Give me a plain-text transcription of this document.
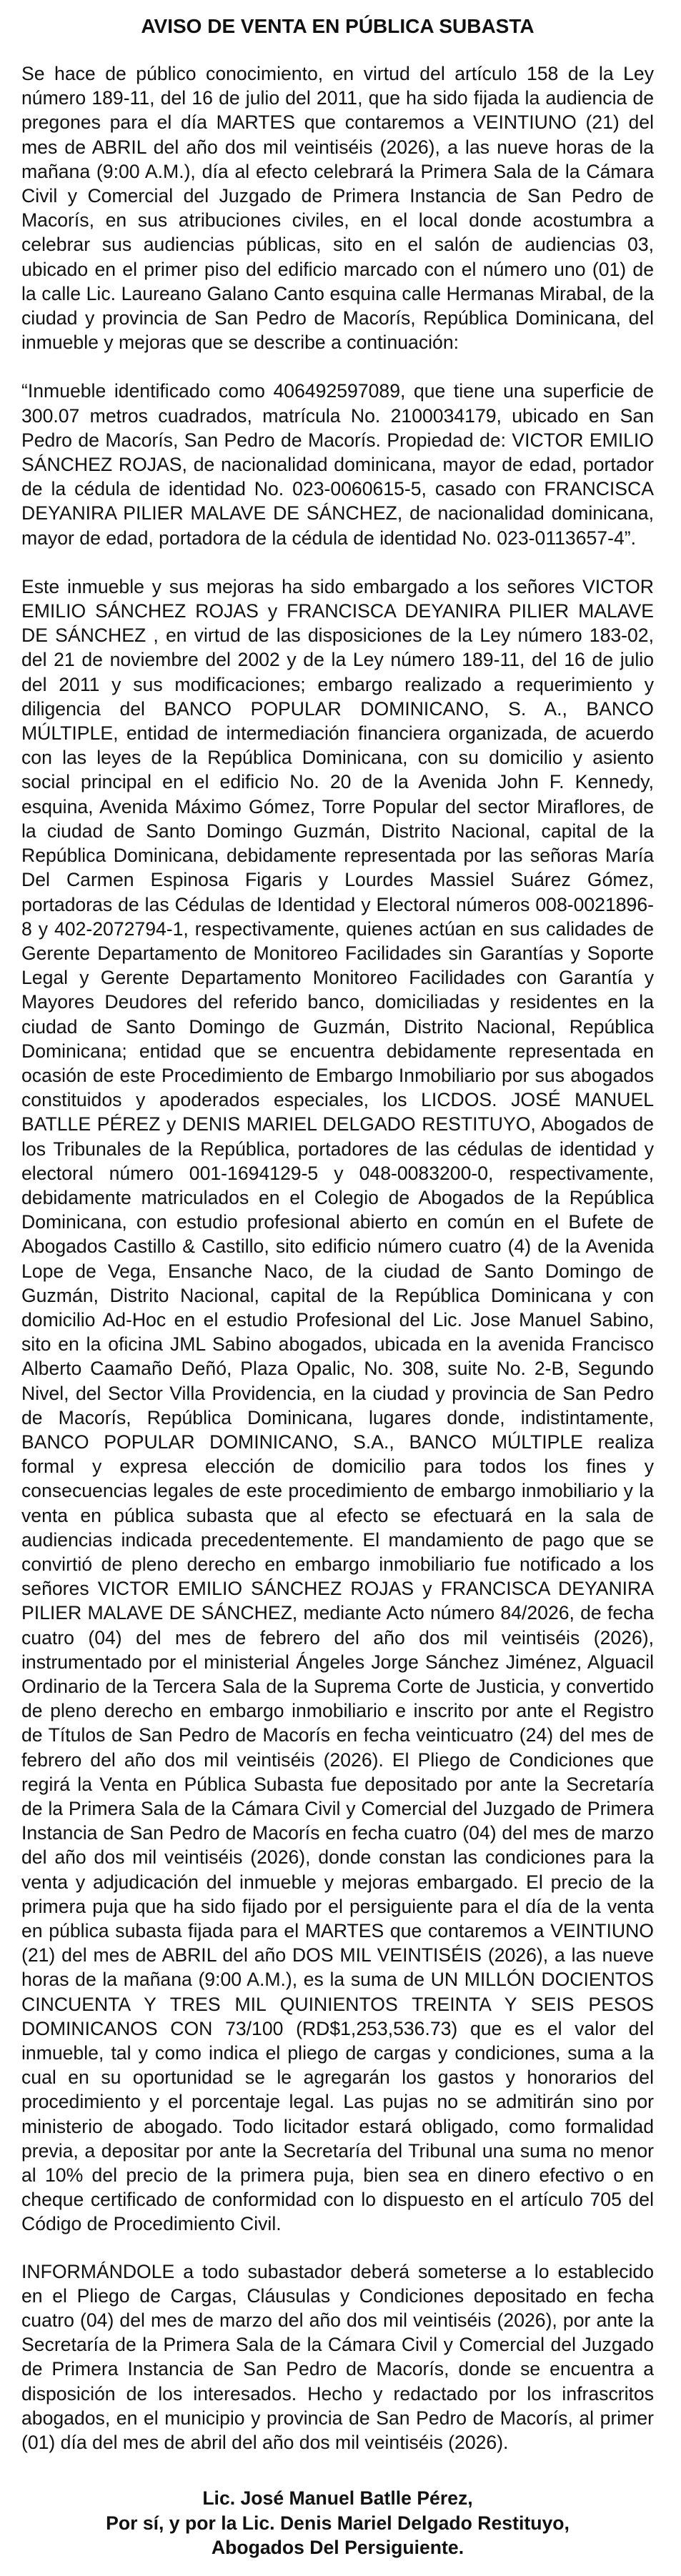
AVISO DE VENTA EN PÚBLICA SUBASTA

Se hace de público conocimiento, en virtud del artículo 158 de la Ley número 189-11, del 16 de julio del 2011, que ha sido fijada la audiencia de pregones para el día MARTES que contaremos a VEINTIUNO (21) del mes de ABRIL del año dos mil veintiséis (2026), a las nueve horas de la mañana (9:00 A.M.), día al efecto celebrará la Primera Sala de la Cámara Civil y Comercial del Juzgado de Primera Instancia de San Pedro de Macorís, en sus atribuciones civiles, en el local donde acostumbra a celebrar sus audiencias públicas, sito en el salón de audiencias 03, ubicado en el primer piso del edificio marcado con el número uno (01) de la calle Lic. Laureano Galano Canto esquina calle Hermanas Mirabal, de la ciudad y provincia de San Pedro de Macorís, República Dominicana, del inmueble y mejoras que se describe a continuación:

“Inmueble identificado como 406492597089, que tiene una superficie de 300.07 metros cuadrados, matrícula No. 2100034179, ubicado en San Pedro de Macorís, San Pedro de Macorís. Propiedad de: VICTOR EMILIO SÁNCHEZ ROJAS, de nacionalidad dominicana, mayor de edad, portador de la cédula de identidad No. 023-0060615-5, casado con FRANCISCA DEYANIRA PILIER MALAVE DE SÁNCHEZ, de nacionalidad dominicana, mayor de edad, portadora de la cédula de identidad No. 023-0113657-4”.

Este inmueble y sus mejoras ha sido embargado a los señores VICTOR EMILIO SÁNCHEZ ROJAS y FRANCISCA DEYANIRA PILIER MALAVE DE SÁNCHEZ , en virtud de las disposiciones de la Ley número 183-02, del 21 de noviembre del 2002 y de la Ley número 189-11, del 16 de julio del 2011 y sus modificaciones; embargo realizado a requerimiento y diligencia del BANCO POPULAR DOMINICANO, S. A., BANCO MÚLTIPLE, entidad de intermediación financiera organizada, de acuerdo con las leyes de la República Dominicana, con su domicilio y asiento social principal en el edificio No. 20 de la Avenida John F. Kennedy, esquina, Avenida Máximo Gómez, Torre Popular del sector Miraflores, de la ciudad de Santo Domingo Guzmán, Distrito Nacional, capital de la República Dominicana, debidamente representada por las señoras María Del Carmen Espinosa Figaris y Lourdes Massiel Suárez Gómez, portadoras de las Cédulas de Identidad y Electoral números 008-0021896-8 y 402-2072794-1, respectivamente, quienes actúan en sus calidades de Gerente Departamento de Monitoreo Facilidades sin Garantías y Soporte Legal y Gerente Departamento Monitoreo Facilidades con Garantía y Mayores Deudores del referido banco, domiciliadas y residentes en la ciudad de Santo Domingo de Guzmán, Distrito Nacional, República Dominicana; entidad que se encuentra debidamente representada en ocasión de este Procedimiento de Embargo Inmobiliario por sus abogados constituidos y apoderados especiales, los LICDOS. JOSÉ MANUEL BATLLE PÉREZ y DENIS MARIEL DELGADO RESTITUYO, Abogados de los Tribunales de la República, portadores de las cédulas de identidad y electoral número 001-1694129-5 y 048-0083200-0, respectivamente, debidamente matriculados en el Colegio de Abogados de la República Dominicana, con estudio profesional abierto en común en el Bufete de Abogados Castillo & Castillo, sito edificio número cuatro (4) de la Avenida Lope de Vega, Ensanche Naco, de la ciudad de Santo Domingo de Guzmán, Distrito Nacional, capital de la República Dominicana y con domicilio Ad-Hoc en el estudio Profesional del Lic. Jose Manuel Sabino, sito en la oficina JML Sabino abogados, ubicada en la avenida Francisco Alberto Caamaño Deñó, Plaza Opalic, No. 308, suite No. 2-B, Segundo Nivel, del Sector Villa Providencia, en la ciudad y provincia de San Pedro de Macorís, República Dominicana, lugares donde, indistintamente, BANCO POPULAR DOMINICANO, S.A., BANCO MÚLTIPLE realiza formal y expresa elección de domicilio para todos los fines y consecuencias legales de este procedimiento de embargo inmobiliario y la venta en pública subasta que al efecto se efectuará en la sala de audiencias indicada precedentemente. El mandamiento de pago que se convirtió de pleno derecho en embargo inmobiliario fue notificado a los señores VICTOR EMILIO SÁNCHEZ ROJAS y FRANCISCA DEYANIRA PILIER MALAVE DE SÁNCHEZ, mediante Acto número 84/2026, de fecha cuatro (04) del mes de febrero del año dos mil veintiséis (2026), instrumentado por el ministerial Ángeles Jorge Sánchez Jiménez, Alguacil Ordinario de la Tercera Sala de la Suprema Corte de Justicia, y convertido de pleno derecho en embargo inmobiliario e inscrito por ante el Registro de Títulos de San Pedro de Macorís en fecha veinticuatro (24) del mes de febrero del año dos mil veintiséis (2026). El Pliego de Condiciones que regirá la Venta en Pública Subasta fue depositado por ante la Secretaría de la Primera Sala de la Cámara Civil y Comercial del Juzgado de Primera Instancia de San Pedro de Macorís en fecha cuatro (04) del mes de marzo del año dos mil veintiséis (2026), donde constan las condiciones para la venta y adjudicación del inmueble y mejoras embargado. El precio de la primera puja que ha sido fijado por el persiguiente para el día de la venta en pública subasta fijada para el MARTES que contaremos a VEINTIUNO (21) del mes de ABRIL del año DOS MIL VEINTISÉIS (2026), a las nueve horas de la mañana (9:00 A.M.), es la suma de UN MILLÓN DOCIENTOS CINCUENTA Y TRES MIL QUINIENTOS TREINTA Y SEIS PESOS DOMINICANOS CON 73/100 (RD$1,253,536.73) que es el valor del inmueble, tal y como indica el pliego de cargas y condiciones, suma a la cual en su oportunidad se le agregarán los gastos y honorarios del procedimiento y el porcentaje legal. Las pujas no se admitirán sino por ministerio de abogado. Todo licitador estará obligado, como formalidad previa, a depositar por ante la Secretaría del Tribunal una suma no menor al 10% del precio de la primera puja, bien sea en dinero efectivo o en cheque certificado de conformidad con lo dispuesto en el artículo 705 del Código de Procedimiento Civil.

INFORMÁNDOLE a todo subastador deberá someterse a lo establecido en el Pliego de Cargas, Cláusulas y Condiciones depositado en fecha cuatro (04) del mes de marzo del año dos mil veintiséis (2026), por ante la Secretaría de la Primera Sala de la Cámara Civil y Comercial del Juzgado de Primera Instancia de San Pedro de Macorís, donde se encuentra a disposición de los interesados. Hecho y redactado por los infrascritos abogados, en el municipio y provincia de San Pedro de Macorís, al primer (01) día del mes de abril del año dos mil veintiséis (2026).

Lic. José Manuel Batlle Pérez,
Por sí, y por la Lic. Denis Mariel Delgado Restituyo,
Abogados Del Persiguiente.
